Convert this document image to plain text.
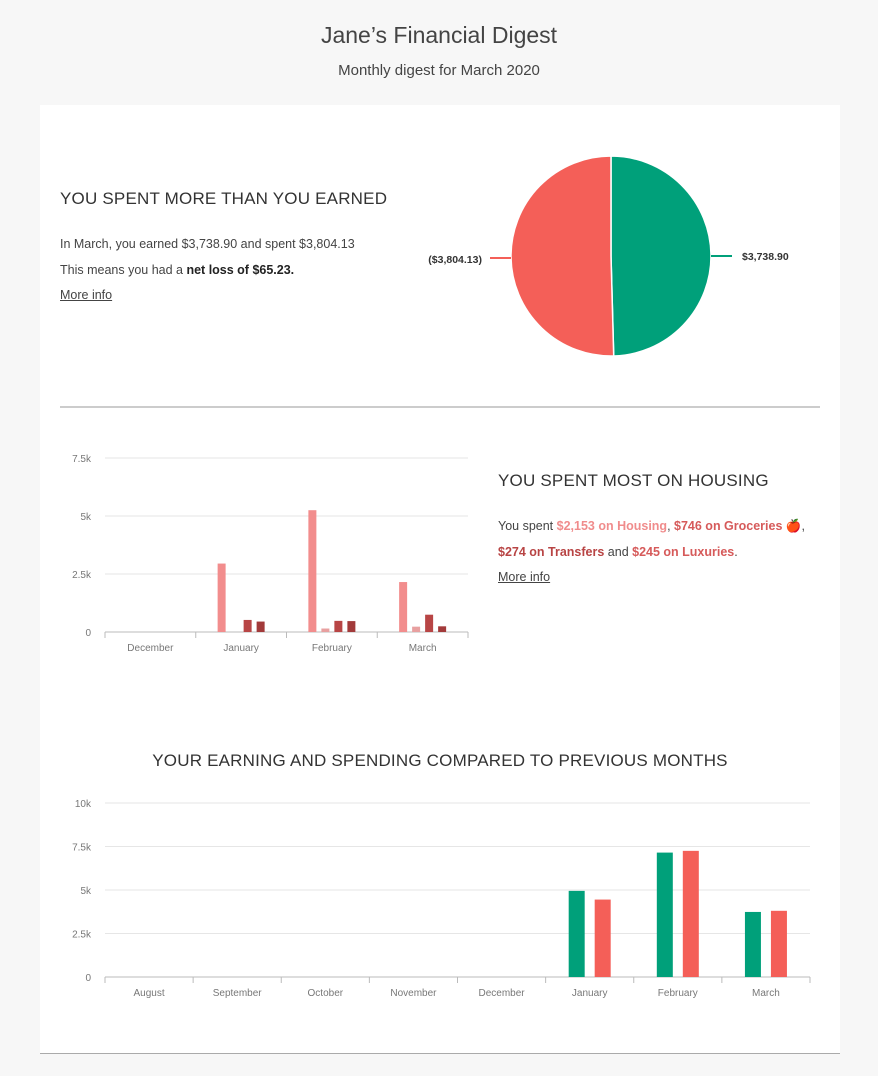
Jane’s Financial Digest

Monthly digest for March 2020

YOU SPENT MORE THAN YOU EARNED

In March, you earned $3,738.90 and spent $3,804.13

This means you had a net loss of $65.23.

More info
$3,738.90
($3,804.13)
0
2.5k
5k
7.5k
December	January	February	March
YOU SPENT MOST ON HOUSING

You spent $2,153 on Housing, $746 on Groceries 🍎,
$274 on Transfers and $245 on Luxuries.

More info
YOUR EARNING AND SPENDING COMPARED TO PREVIOUS MONTHS
0
2.5k
5k
7.5k
10k
August	September	October	November	December	January	February	March
